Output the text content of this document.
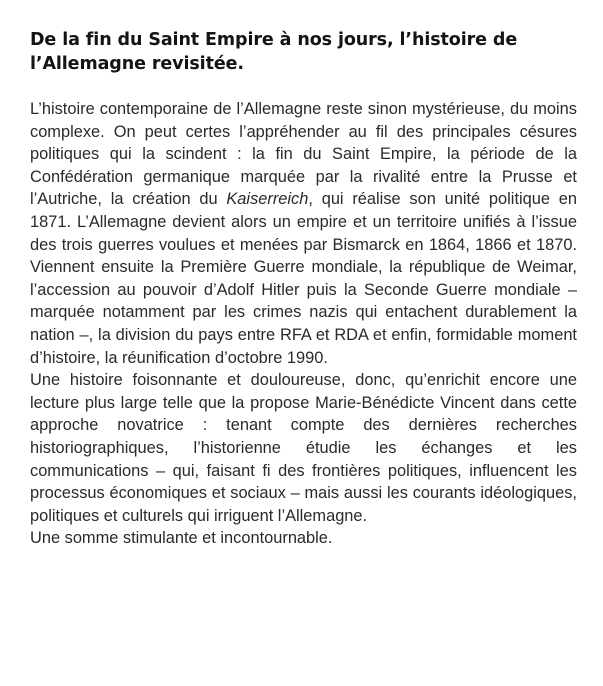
De la fin du Saint Empire à nos jours, l’histoire de l’Allemagne revisitée.

L’histoire contemporaine de l’Allemagne reste sinon mystérieuse, du moins complexe. On peut certes l’appréhender au fil des principales césures politiques qui la scindent : la fin du Saint Empire, la période de la Confédération germanique marquée par la rivalité entre la Prusse et l’Autriche, la création du Kaiserreich, qui réalise son unité politique en 1871. L’Allemagne devient alors un empire et un territoire unifiés à l’issue des trois guerres voulues et menées par Bismarck en 1864, 1866 et 1870. Viennent ensuite la Première Guerre mondiale, la république de Weimar, l’accession au pouvoir d’Adolf Hitler puis la Seconde Guerre mondiale – marquée notamment par les crimes nazis qui entachent durablement la nation –, la division du pays entre RFA et RDA et enfin, formidable moment d’histoire, la réunification d’octobre 1990.

Une histoire foisonnante et douloureuse, donc, qu’enrichit encore une lecture plus large telle que la propose Marie-Bénédicte Vincent dans cette approche novatrice : tenant compte des dernières recherches historiographiques, l’historienne étudie les échanges et les communications – qui, faisant fi des frontières politiques, influencent les processus économiques et sociaux – mais aussi les courants idéologiques, politiques et culturels qui irriguent l’Allemagne.

Une somme stimulante et incontournable.
